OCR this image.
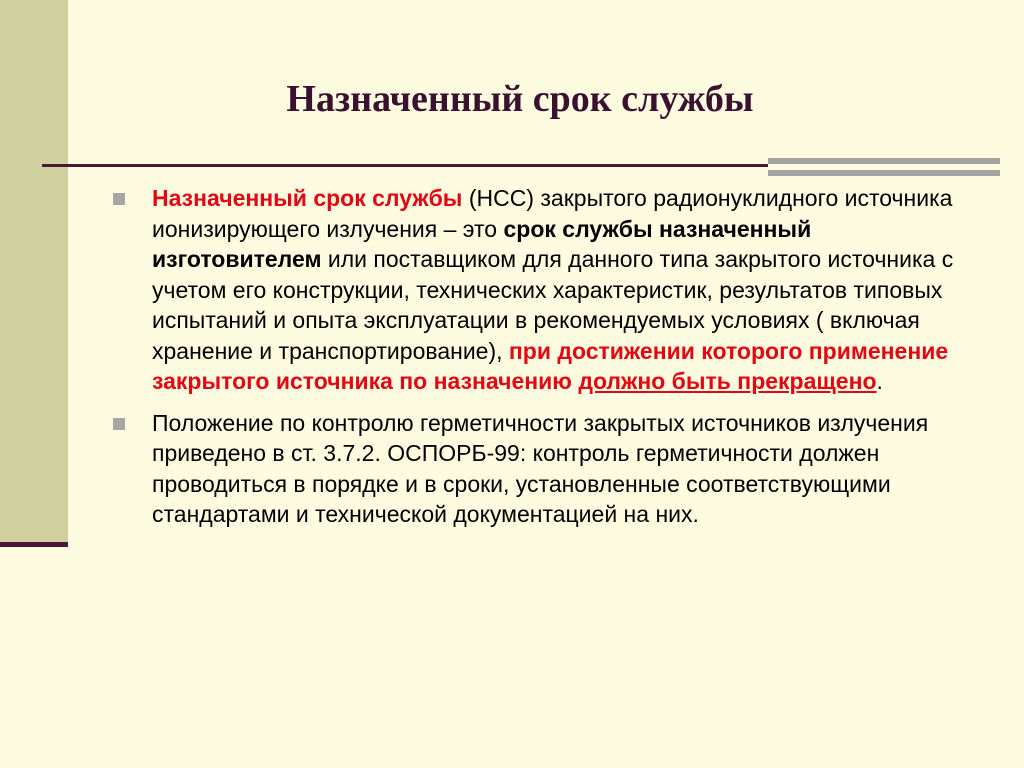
Назначенный срок службы

Назначенный срок службы (НСС) закрытого радионуклидного источника ионизирующего излучения – это срок службы назначенный изготовителем или поставщиком для данного типа закрытого источника с учетом его конструкции, технических характеристик, результатов типовых испытаний и опыта эксплуатации в рекомендуемых условиях ( включая хранение и транспортирование), при достижении которого применение закрытого источника по назначению должно быть прекращено.

Положение по контролю герметичности закрытых источников излучения приведено в ст. 3.7.2. ОСПОРБ-99: контроль герметичности должен проводиться в порядке и в сроки, установленные соответствующими стандартами и технической документацией на них.
